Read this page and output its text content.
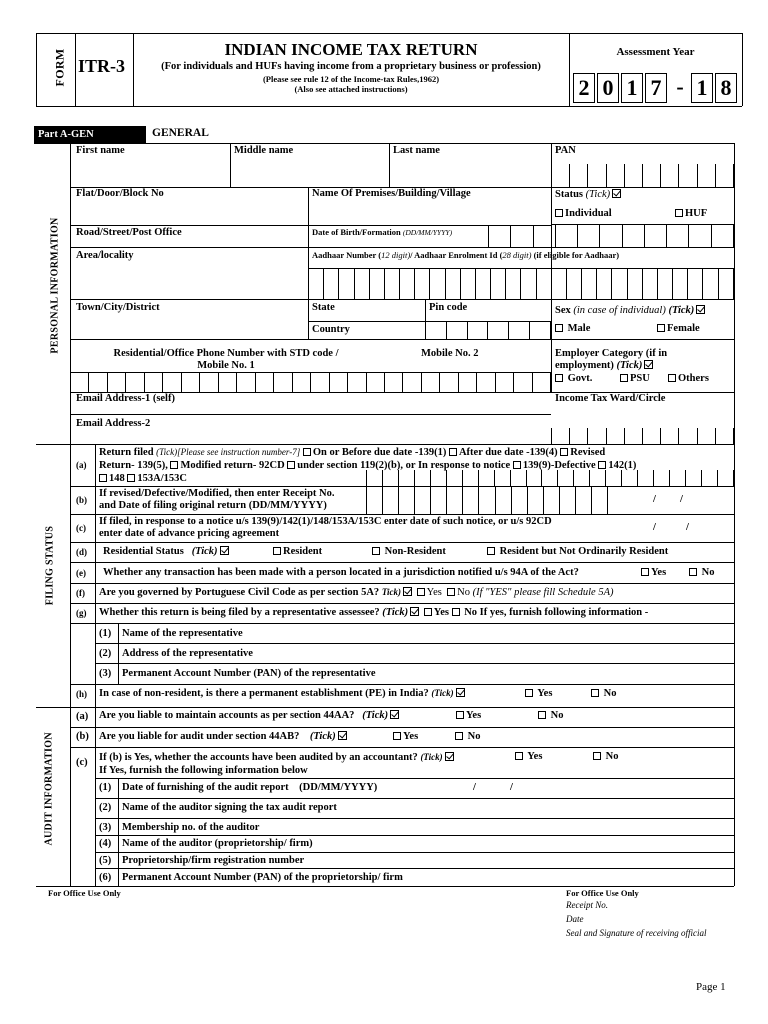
FORM ITR-3
INDIAN INCOME TAX RETURN
(For individuals and HUFs having income from a proprietary business or profession)
(Please see rule 12 of the Income-tax Rules,1962)
(Also see attached instructions)
Assessment Year
2 0 1 7 - 1 8
Part A-GEN	GENERAL
PERSONAL INFORMATION
First name	Middle name	Last name	PAN
Flat/Door/Block No	Name Of Premises/Building/Village	Status (Tick)
Individual	HUF
Road/Street/Post Office	Date of Birth/Formation (DD/MM/YYYY)
Area/locality	Aadhaar Number (12 digit)/ Aadhaar Enrolment Id (28 digit) (if eligible for Aadhaar)
Town/City/District	State	Pin code	Sex (in case of individual) (Tick)
Country	Male	Female
Residential/Office Phone Number with STD code /
Mobile No. 1
Mobile No. 2	Employer Category (if in
employment) (Tick)
Govt.	PSU	Others
Email Address-1 (self)	Income Tax Ward/Circle
Email Address-2
FILING STATUS
(a)
Return filed (Tick)[Please see instruction number-7] On or Before due date -139(1) After due date -139(4) Revised
Return- 139(5), Modified return- 92CD under section 119(2)(b), or In response to notice 139(9)-Defective 142(1)
148 153A/153C
(b)
If revised/Defective/Modified, then enter Receipt No.
and Date of filing original return (DD/MM/YYYY)
/ /
(c)
If filed, in response to a notice u/s 139(9)/142(1)/148/153A/153C enter date of such notice, or u/s 92CD
enter date of advance pricing agreement
/	/
(d) Residential Status (Tick)	Resident	Non-Resident	Resident but Not Ordinarily Resident
(e) Whether any transaction has been made with a person located in a jurisdiction notified u/s 94A of the Act?	Yes	No
(f) Are you governed by Portuguese Civil Code as per section 5A? Tick) Yes No (If "YES" please fill Schedule 5A)
(g) Whether this return is being filed by a representative assessee? (Tick) Yes No If yes, furnish following information -
(1) Name of the representative
(2) Address of the representative
(3) Permanent Account Number (PAN) of the representative
(h) In case of non-resident, is there a permanent establishment (PE) in India? (Tick)	Yes	No
AUDIT INFORMATION
(a) Are you liable to maintain accounts as per section 44AA? (Tick)	Yes	No
(b) Are you liable for audit under section 44AB? (Tick)	Yes	No
(c) If (b) is Yes, whether the accounts have been audited by an accountant? (Tick)
If Yes, furnish the following information below
Yes	No
(1) Date of furnishing of the audit report    (DD/MM/YYYY)	/	/
(2) Name of the auditor signing the tax audit report
(3) Membership no. of the auditor
(4) Name of the auditor (proprietorship/ firm)
(5) Proprietorship/firm registration number
(6) Permanent Account Number (PAN) of the proprietorship/ firm
For Office Use Only	For Office Use Only
Receipt No.
Date
Seal and Signature of receiving official
Page 1
